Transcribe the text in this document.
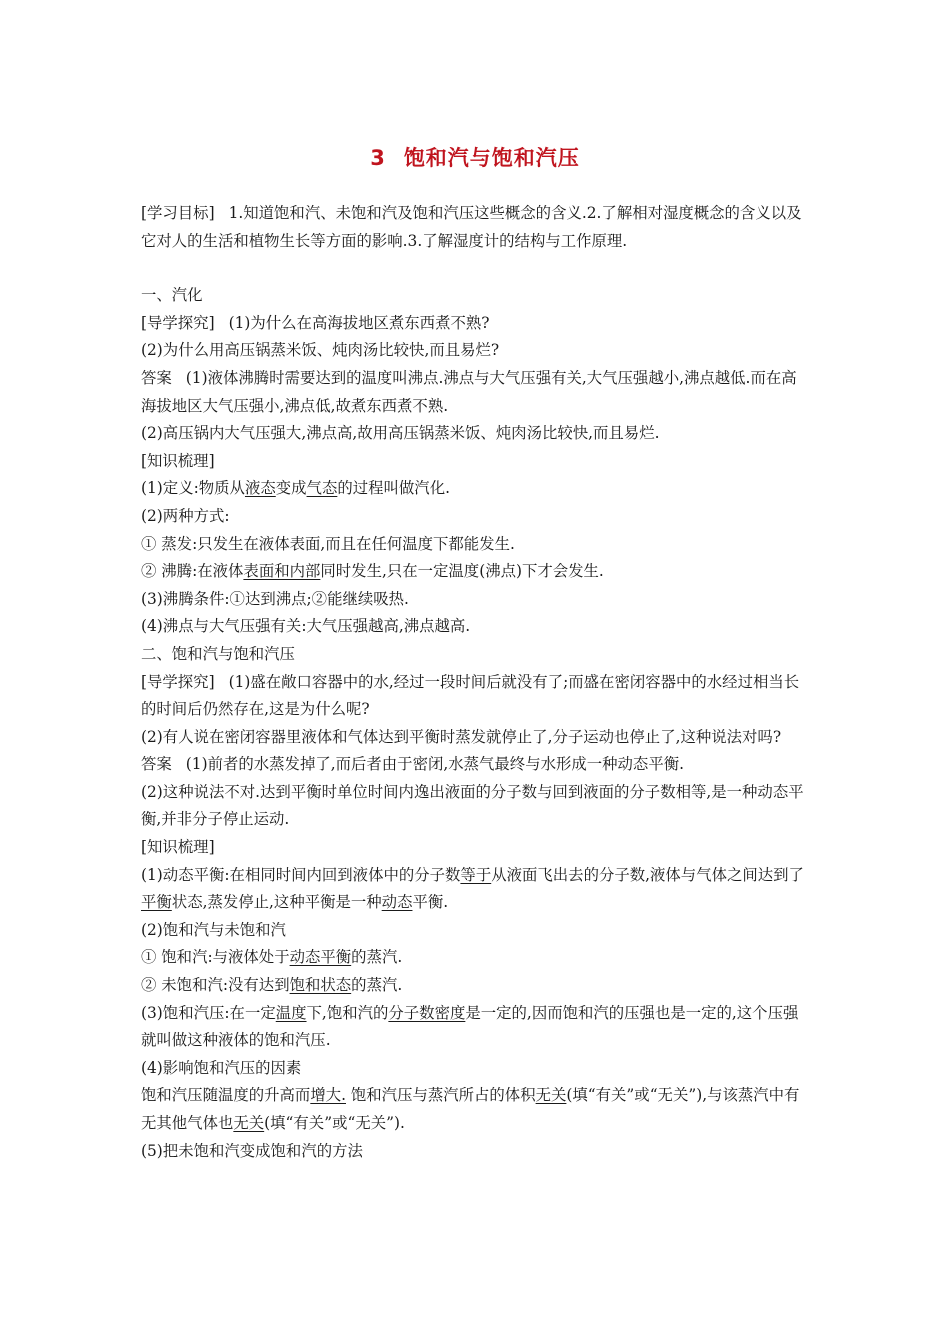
3 饱和汽与饱和汽压

[学习目标] 1.知道饱和汽、未饱和汽及饱和汽压这些概念的含义.2.了解相对湿度概念的含义以及它对人的生活和植物生长等方面的影响.3.了解湿度计的结构与工作原理.

一、汽化

[导学探究] (1)为什么在高海拔地区煮东西煮不熟?

(2)为什么用高压锅蒸米饭、炖肉汤比较快,而且易烂?

答案 (1)液体沸腾时需要达到的温度叫沸点.沸点与大气压强有关,大气压强越小,沸点越低.而在高海拔地区大气压强小,沸点低,故煮东西煮不熟.

(2)高压锅内大气压强大,沸点高,故用高压锅蒸米饭、炖肉汤比较快,而且易烂.

[知识梳理]

(1)定义:物质从液态变成气态的过程叫做汽化.

(2)两种方式:

① 蒸发:只发生在液体表面,而且在任何温度下都能发生.

② 沸腾:在液体表面和内部同时发生,只在一定温度(沸点)下才会发生.

(3)沸腾条件:①达到沸点;②能继续吸热.

(4)沸点与大气压强有关:大气压强越高,沸点越高.

二、饱和汽与饱和汽压

[导学探究] (1)盛在敞口容器中的水,经过一段时间后就没有了;而盛在密闭容器中的水经过相当长的时间后仍然存在,这是为什么呢?

(2)有人说在密闭容器里液体和气体达到平衡时蒸发就停止了,分子运动也停止了,这种说法对吗?

答案 (1)前者的水蒸发掉了,而后者由于密闭,水蒸气最终与水形成一种动态平衡.

(2)这种说法不对.达到平衡时单位时间内逸出液面的分子数与回到液面的分子数相等,是一种动态平衡,并非分子停止运动.

[知识梳理]

(1)动态平衡:在相同时间内回到液体中的分子数等于从液面飞出去的分子数,液体与气体之间达到了平衡状态,蒸发停止,这种平衡是一种动态平衡.

(2)饱和汽与未饱和汽

① 饱和汽:与液体处于动态平衡的蒸汽.

② 未饱和汽:没有达到饱和状态的蒸汽.

(3)饱和汽压:在一定温度下,饱和汽的分子数密度是一定的,因而饱和汽的压强也是一定的,这个压强就叫做这种液体的饱和汽压.

(4)影响饱和汽压的因素

饱和汽压随温度的升高而增大. 饱和汽压与蒸汽所占的体积无关(填“有关”或“无关”),与该蒸汽中有无其他气体也无关(填“有关”或“无关”).

(5)把未饱和汽变成饱和汽的方法
